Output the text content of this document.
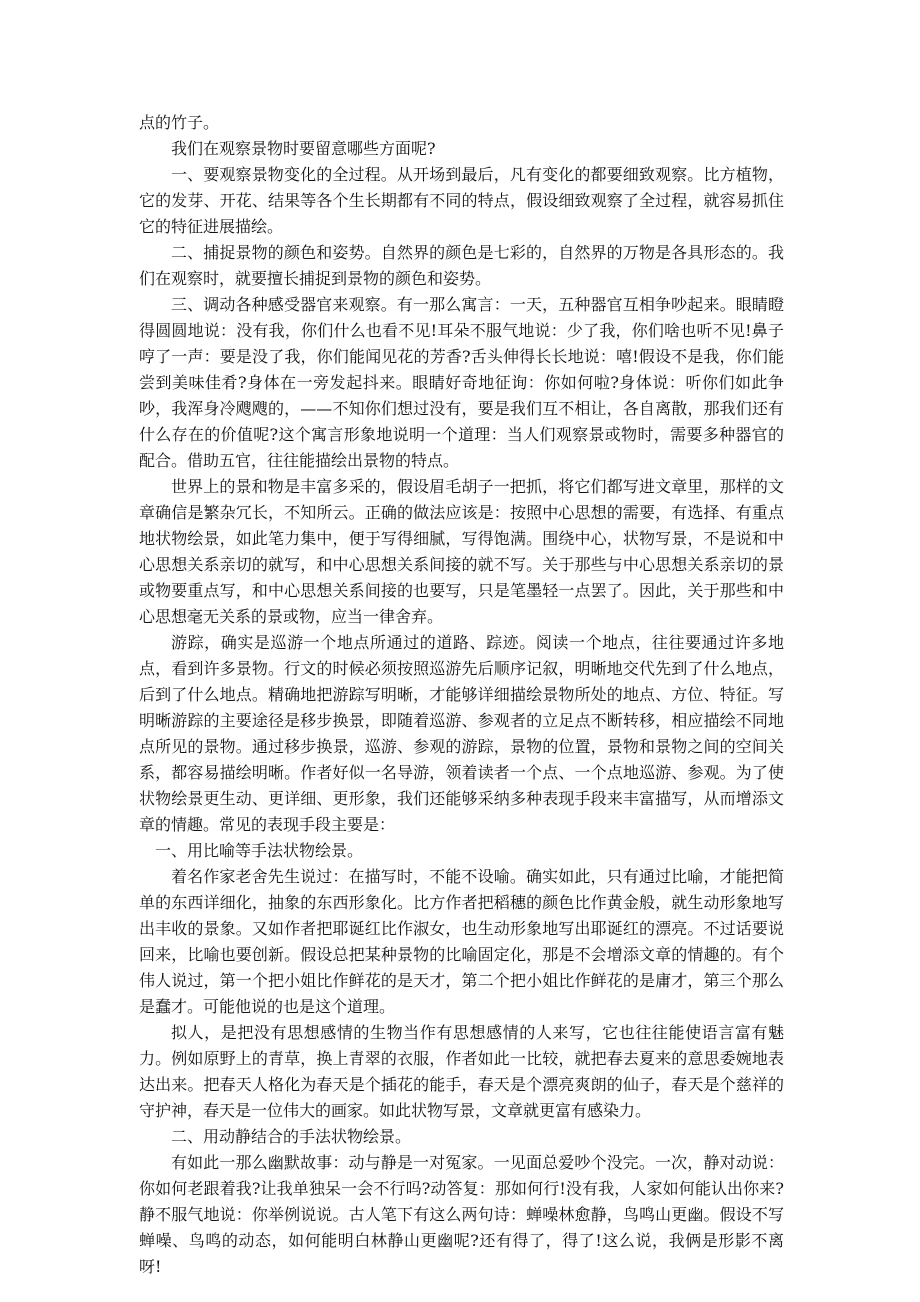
点的竹子。

我们在观察景物时要留意哪些方面呢?

一、要观察景物变化的全过程。从开场到最后，凡有变化的都要细致观察。比方植物，它的发芽、开花、结果等各个生长期都有不同的特点，假设细致观察了全过程，就容易抓住它的特征进展描绘。

二、捕捉景物的颜色和姿势。自然界的颜色是七彩的，自然界的万物是各具形态的。我们在观察时，就要擅长捕捉到景物的颜色和姿势。

三、调动各种感受器官来观察。有一那么寓言：一天，五种器官互相争吵起来。眼睛瞪得圆圆地说：没有我，你们什么也看不见!耳朵不服气地说：少了我，你们啥也听不见!鼻子哼了一声：要是没了我，你们能闻见花的芳香?舌头伸得长长地说：嘻!假设不是我，你们能尝到美味佳肴?身体在一旁发起抖来。眼睛好奇地征询：你如何啦?身体说：听你们如此争吵，我浑身冷飕飕的，——不知你们想过没有，要是我们互不相让，各自离散，那我们还有什么存在的价值呢?这个寓言形象地说明一个道理：当人们观察景或物时，需要多种器官的配合。借助五官，往往能描绘出景物的特点。

世界上的景和物是丰富多采的，假设眉毛胡子一把抓，将它们都写进文章里，那样的文章确信是繁杂冗长，不知所云。正确的做法应该是：按照中心思想的需要，有选择、有重点地状物绘景，如此笔力集中，便于写得细腻，写得饱满。围绕中心，状物写景，不是说和中心思想关系亲切的就写，和中心思想关系间接的就不写。关于那些与中心思想关系亲切的景或物要重点写，和中心思想关系间接的也要写，只是笔墨轻一点罢了。因此，关于那些和中心思想毫无关系的景或物，应当一律舍弃。

游踪，确实是巡游一个地点所通过的道路、踪迹。阅读一个地点，往往要通过许多地点，看到许多景物。行文的时候必须按照巡游先后顺序记叙，明晰地交代先到了什么地点，后到了什么地点。精确地把游踪写明晰，才能够详细描绘景物所处的地点、方位、特征。写明晰游踪的主要途径是移步换景，即随着巡游、参观者的立足点不断转移，相应描绘不同地点所见的景物。通过移步换景，巡游、参观的游踪，景物的位置，景物和景物之间的空间关系，都容易描绘明晰。作者好似一名导游，领着读者一个点、一个点地巡游、参观。为了使状物绘景更生动、更详细、更形象，我们还能够采纳多种表现手段来丰富描写，从而增添文章的情趣。常见的表现手段主要是：

一、用比喻等手法状物绘景。

着名作家老舍先生说过：在描写时，不能不设喻。确实如此，只有通过比喻，才能把简单的东西详细化，抽象的东西形象化。比方作者把稻穗的颜色比作黄金般，就生动形象地写出丰收的景象。又如作者把耶诞红比作淑女，也生动形象地写出耶诞红的漂亮。不过话要说回来，比喻也要创新。假设总把某种景物的比喻固定化，那是不会增添文章的情趣的。有个伟人说过，第一个把小姐比作鲜花的是天才，第二个把小姐比作鲜花的是庸才，第三个那么是蠢才。可能他说的也是这个道理。

拟人，是把没有思想感情的生物当作有思想感情的人来写，它也往往能使语言富有魅力。例如原野上的青草，换上青翠的衣服，作者如此一比较，就把春去夏来的意思委婉地表达出来。把春天人格化为春天是个插花的能手，春天是个漂亮爽朗的仙子，春天是个慈祥的守护神，春天是一位伟大的画家。如此状物写景，文章就更富有感染力。

二、用动静结合的手法状物绘景。

有如此一那么幽默故事：动与静是一对冤家。一见面总爱吵个没完。一次，静对动说：你如何老跟着我?让我单独呆一会不行吗?动答复：那如何行!没有我，人家如何能认出你来?静不服气地说：你举例说说。古人笔下有这么两句诗：蝉噪林愈静，鸟鸣山更幽。假设不写蝉噪、鸟鸣的动态，如何能明白林静山更幽呢?还有得了，得了!这么说，我俩是形影不离呀!
